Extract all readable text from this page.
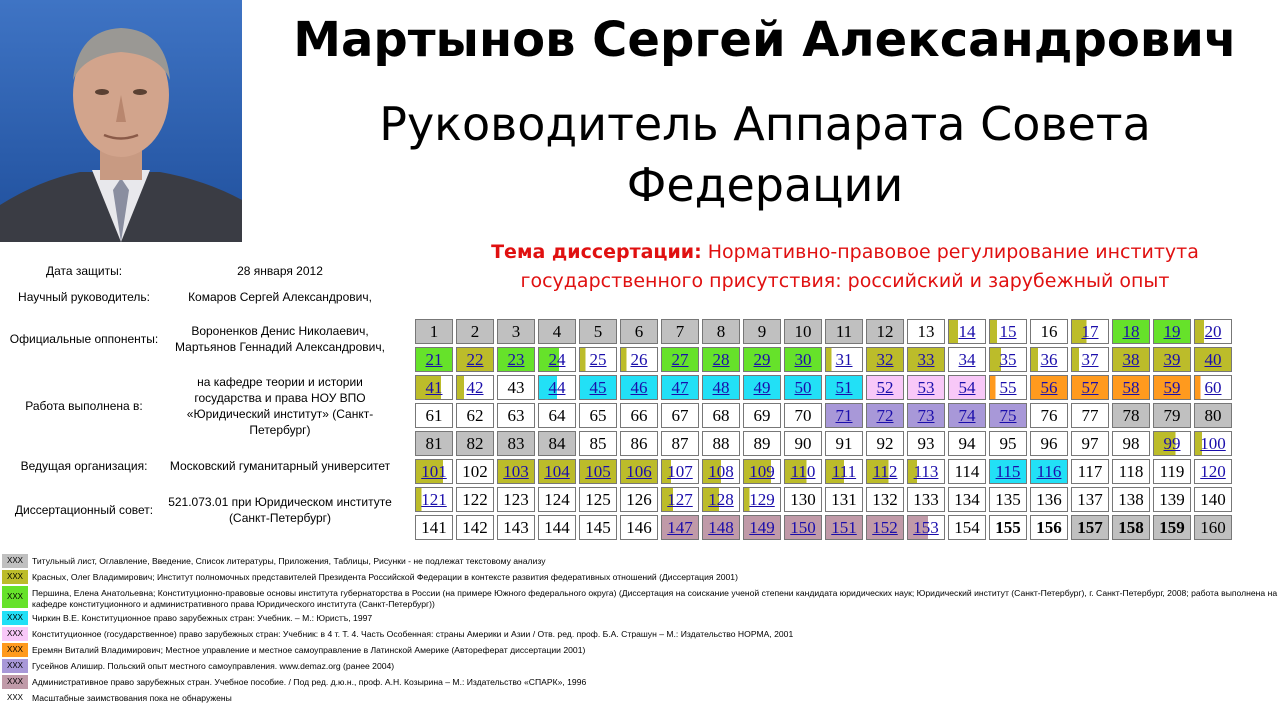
Мартынов Сергей Александрович
Руководитель Аппарата Совета Федерации
Тема диссертации: Нормативно-правовое регулирование института государственного присутствия: российский и зарубежный опыт
Дата защиты:	28 января 2012
Научный руководитель:	Комаров Сергей Александрович,
Официальные оппоненты:	Вороненков Денис Николаевич, Мартьянов Геннадий Александрович,
Работа выполнена в:	на кафедре теории и истории государства и права НОУ ВПО «Юридический институт» (Санкт-Петербург)
Ведущая организация:	Московский гуманитарный университет
Диссертационный совет:	521.073.01 при Юридическом институте (Санкт-Петербург)
1	2	3	4	5	6	7	8	9	10	11	12	13	14	15	16	17	18	19	20
21	22	23	24	25	26	27	28	29	30	31	32	33	34	35	36	37	38	39	40
41	42	43	44	45	46	47	48	49	50	51	52	53	54	55	56	57	58	59	60
61	62	63	64	65	66	67	68	69	70	71	72	73	74	75	76	77	78	79	80
81	82	83	84	85	86	87	88	89	90	91	92	93	94	95	96	97	98	99	100
101	102	103	104	105	106	107	108	109	110	111	112	113	114	115	116	117	118	119	120
121	122	123	124	125	126	127	128	129	130	131	132	133	134	135	136	137	138	139	140
141	142	143	144	145	146	147	148	149	150	151	152	153	154	155	156	157	158	159	160
XXX	Титульный лист, Оглавление, Введение, Список литературы, Приложения, Таблицы, Рисунки - не подлежат текстовому анализу
XXX	Красных, Олег Владимирович; Институт полномочных представителей Президента Российской Федерации в контексте развития федеративных отношений (Диссертация 2001)
XXX	Першина, Елена Анатольевна; Конституционно-правовые основы института губернаторства в России (на примере Южного федерального округа) (Диссертация на соискание ученой степени кандидата юридических наук; Юридический институт (Санкт-Петербург), г. Санкт-Петербург, 2008; работа выполнена на кафедре конституционного и административного права Юридического института (Санкт-Петербург))
XXX	Чиркин В.Е. Конституционное право зарубежных стран: Учебник. – М.: Юристъ, 1997
XXX	Конституционное (государственное) право зарубежных стран: Учебник: в 4 т. Т. 4. Часть Особенная: страны Америки и Азии / Отв. ред. проф. Б.А. Страшун – М.: Издательство НОРМА, 2001
XXX	Еремян Виталий Владимирович; Местное управление и местное самоуправление в Латинской Америке (Автореферат диссертации 2001)
XXX	Гусейнов Алишир. Польский опыт местного самоуправления. www.demaz.org (ранее 2004)
XXX	Административное право зарубежных стран. Учебное пособие. / Под ред. д.ю.н., проф. А.Н. Козырина – М.: Издательство «СПАРК», 1996
XXX	Масштабные заимствования пока не обнаружены
